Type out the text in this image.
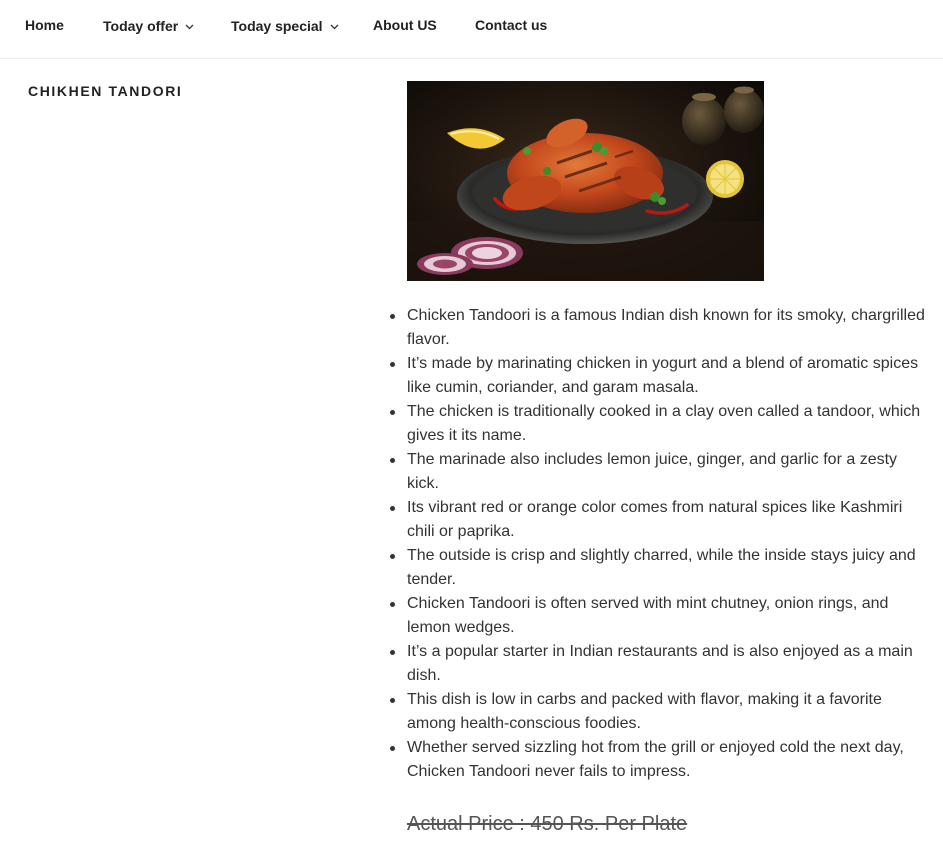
Home	Today offer	Today special	About US	Contact us
CHIKHEN TANDORI
Chicken Tandoori is a famous Indian dish known for its smoky, chargrilled flavor.
It’s made by marinating chicken in yogurt and a blend of aromatic spices like cumin, coriander, and garam masala.
The chicken is traditionally cooked in a clay oven called a tandoor, which gives it its name.
The marinade also includes lemon juice, ginger, and garlic for a zesty kick.
Its vibrant red or orange color comes from natural spices like Kashmiri chili or paprika.
The outside is crisp and slightly charred, while the inside stays juicy and tender.
Chicken Tandoori is often served with mint chutney, onion rings, and lemon wedges.
It’s a popular starter in Indian restaurants and is also enjoyed as a main dish.
This dish is low in carbs and packed with flavor, making it a favorite among health-conscious foodies.
Whether served sizzling hot from the grill or enjoyed cold the next day, Chicken Tandoori never fails to impress.
Actual Price : 450 Rs. Per Plate
